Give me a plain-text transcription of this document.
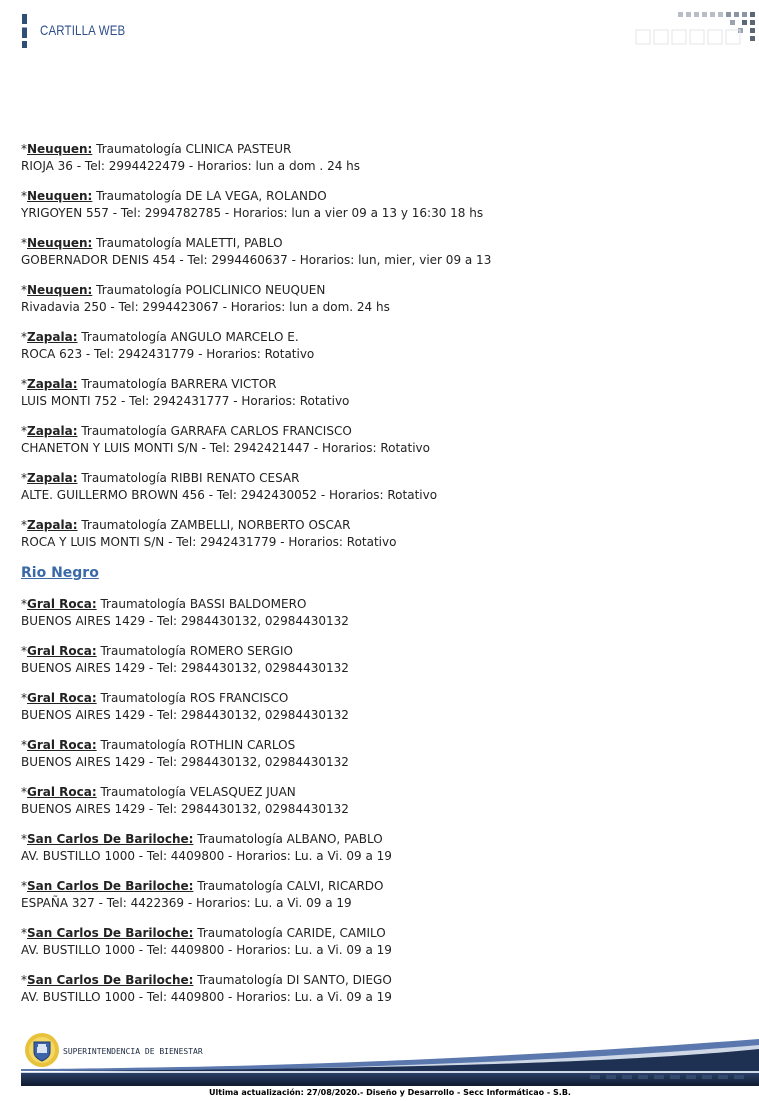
CARTILLA WEB
*Neuquen: Traumatología CLINICA PASTEUR
RIOJA 36 - Tel: 2994422479 - Horarios: lun a dom . 24 hs
*Neuquen: Traumatología DE LA VEGA, ROLANDO
YRIGOYEN 557 - Tel: 2994782785 - Horarios: lun a vier 09 a 13 y 16:30 18 hs
*Neuquen: Traumatología MALETTI, PABLO
GOBERNADOR DENIS 454 - Tel: 2994460637 - Horarios: lun, mier, vier 09 a 13
*Neuquen: Traumatología POLICLINICO NEUQUEN
Rivadavia 250 - Tel: 2994423067 - Horarios: lun a dom. 24 hs
*Zapala: Traumatología ANGULO MARCELO E.
ROCA 623 - Tel: 2942431779 - Horarios: Rotativo
*Zapala: Traumatología BARRERA VICTOR
LUIS MONTI 752 - Tel: 2942431777 - Horarios: Rotativo
*Zapala: Traumatología GARRAFA CARLOS FRANCISCO
CHANETON Y LUIS MONTI S/N - Tel: 2942421447 - Horarios: Rotativo
*Zapala: Traumatología RIBBI RENATO CESAR
ALTE. GUILLERMO BROWN 456 - Tel: 2942430052 - Horarios: Rotativo
*Zapala: Traumatología ZAMBELLI, NORBERTO OSCAR
ROCA Y LUIS MONTI S/N - Tel: 2942431779 - Horarios: Rotativo
Rio Negro
*Gral Roca: Traumatología BASSI BALDOMERO
BUENOS AIRES 1429 - Tel: 2984430132, 02984430132
*Gral Roca: Traumatología ROMERO SERGIO
BUENOS AIRES 1429 - Tel: 2984430132, 02984430132
*Gral Roca: Traumatología ROS FRANCISCO
BUENOS AIRES 1429 - Tel: 2984430132, 02984430132
*Gral Roca: Traumatología ROTHLIN CARLOS
BUENOS AIRES 1429 - Tel: 2984430132, 02984430132
*Gral Roca: Traumatología VELASQUEZ JUAN
BUENOS AIRES 1429 - Tel: 2984430132, 02984430132
*San Carlos De Bariloche: Traumatología ALBANO, PABLO
AV. BUSTILLO 1000 - Tel: 4409800 - Horarios: Lu. a Vi. 09 a 19
*San Carlos De Bariloche: Traumatología CALVI, RICARDO
ESPAÑA 327 - Tel: 4422369 - Horarios: Lu. a Vi. 09 a 19
*San Carlos De Bariloche: Traumatología CARIDE, CAMILO
AV. BUSTILLO 1000 - Tel: 4409800 - Horarios: Lu. a Vi. 09 a 19
*San Carlos De Bariloche: Traumatología DI SANTO, DIEGO
AV. BUSTILLO 1000 - Tel: 4409800 - Horarios: Lu. a Vi. 09 a 19
SUPERINTENDENCIA DE BIENESTAR
Ultima actualización: 27/08/2020.- Diseño y Desarrollo - Secc Informáticao - S.B.
